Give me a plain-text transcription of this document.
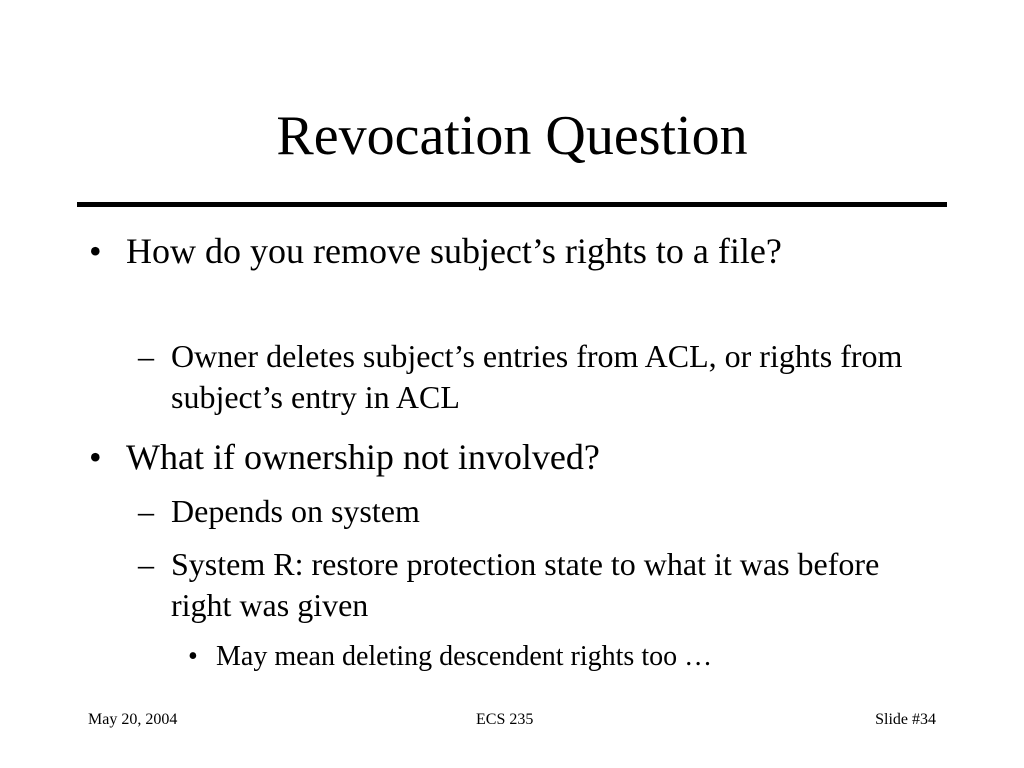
Revocation Question
• How do you remove subject’s rights to a file?
– Owner deletes subject’s entries from ACL, or rights from subject’s entry in ACL
• What if ownership not involved?
– Depends on system
– System R: restore protection state to what it was before right was given
• May mean deleting descendent rights too …
May 20, 2004	ECS 235	Slide #34
